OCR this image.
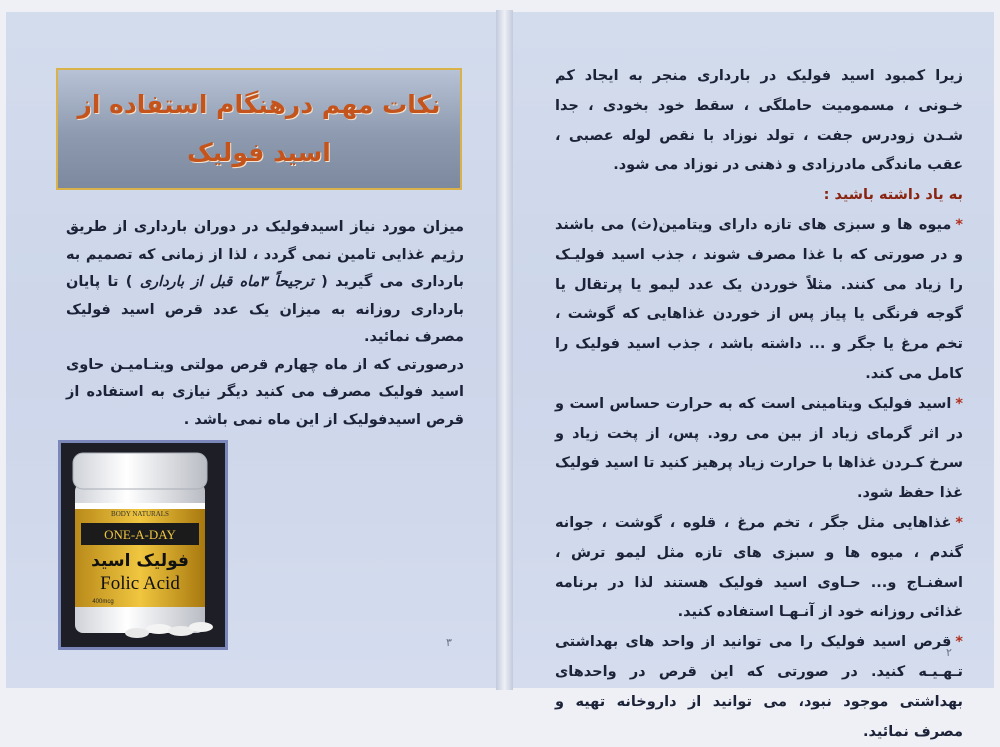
نکات مهم درهنگام استفاده از
اسید فولیک

میزان مورد نیاز اسیدفولیک در دوران بارداری از طریق رژیم غذایی تامین نمی گردد ، لذا از زمانی که تصمیم به بارداری می گیرید ( ترجیحاً ۳ماه قبل از بارداری ) تا پایان بارداری روزانه به میزان یک عدد قرص اسید فولیک مصرف نمائید.

درصورتی که از ماه چهارم قرص مولتی ویتـامیـن حاوی اسید فولیک مصرف می کنید دیگر نیازی به استفاده از قرص اسیدفولیک از این ماه نمی باشد .

BODY NATURALS
ONE-A-DAY
فولیک اسید
Folic Acid
400mcg
۳

زیرا کمبود اسید فولیک در بارداری منجر به ایجاد کم خـونی ، مسمومیت حاملگی ، سقط خود بخودی ، جدا شـدن زودرس جفت ، تولد نوزاد با نقص لوله عصبی ، عقب ماندگی مادرزادی و ذهنی در نوزاد می شود.

به یاد داشته باشید :

*میوه ها و سبزی های تازه دارای ویتامین(ث) می باشند و در صورتی که با غذا مصرف شوند ، جذب اسید فولیـک را زیاد می کنند. مثلاً خوردن یک عدد لیمو یا پرتقال یا گوجه فرنگی یا پیاز پس از خوردن غذاهایی که گوشت ، تخم مرغ یا جگر و ... داشته باشد ، جذب اسید فولیک را کامل می کند.

*اسید فولیک ویتامینی است که به حرارت حساس است و در اثر گرمای زیاد از بین می رود. پس، از پخت زیاد و سرخ کـردن غذاها با حرارت زیاد پرهیز کنید تا اسید فولیک غذا حفظ شود.

*غذاهایی مثل جگر ، تخم مرغ ، قلوه ، گوشت ، جوانه گندم ، میوه ها و سبزی های تازه مثل لیمو ترش ، اسفنـاج و... حـاوی اسید فولیک هستند لذا در برنامه غذائی روزانه خود از آنـهـا استفاده کنید.

*قرص اسید فولیک را می توانید از واحد های بهداشتی تـهـیـه کنید. در صورتی که این قرص در واحدهای بهداشتی موجود نبود، می توانید از داروخانه تهیه و مصرف نمائید.

۲
